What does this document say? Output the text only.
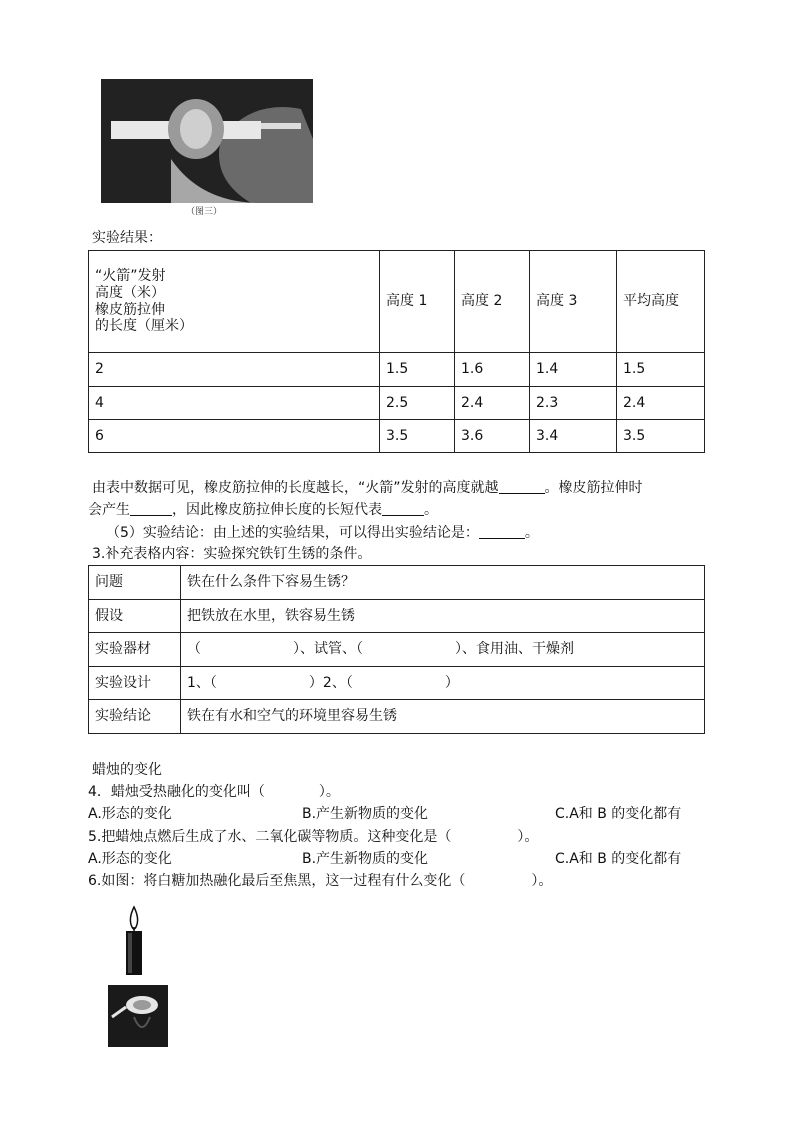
（图三）
实验结果：
“火箭”发射
高度（米）
橡皮筋拉伸
的长度（厘米）	高度 1	高度 2	高度 3	平均高度
2	1.5	1.6	1.4	1.5
4	2.5	2.4	2.3	2.4
6	3.5	3.6	3.4	3.5
由表中数据可见，橡皮筋拉伸的长度越长，“火箭”发射的高度就越	。橡皮筋拉伸时
会产生	，因此橡皮筋拉伸长度的长短代表	。
（5）实验结论：由上述的实验结果，可以得出实验结论是：	。
3.补充表格内容：实验探究铁钉生锈的条件。
问题	铁在什么条件下容易生锈？
假设	把铁放在水里，铁容易生锈
实验器材	（ ）、试管、（ ）、食用油、干燥剂
实验设计	1、（ ）2、（ ）
实验结论	铁在有水和空气的环境里容易生锈
蜡烛的变化
4．蜡烛受热融化的变化叫（	）。
A.形态的变化	B.产生新物质的变化	C.A和 B 的变化都有
5.把蜡烛点燃后生成了水、二氧化碳等物质。这种变化是（	）。
A.形态的变化	B.产生新物质的变化	C.A和 B 的变化都有
6.如图：将白糖加热融化最后至焦黑，这一过程有什么变化（	）。
